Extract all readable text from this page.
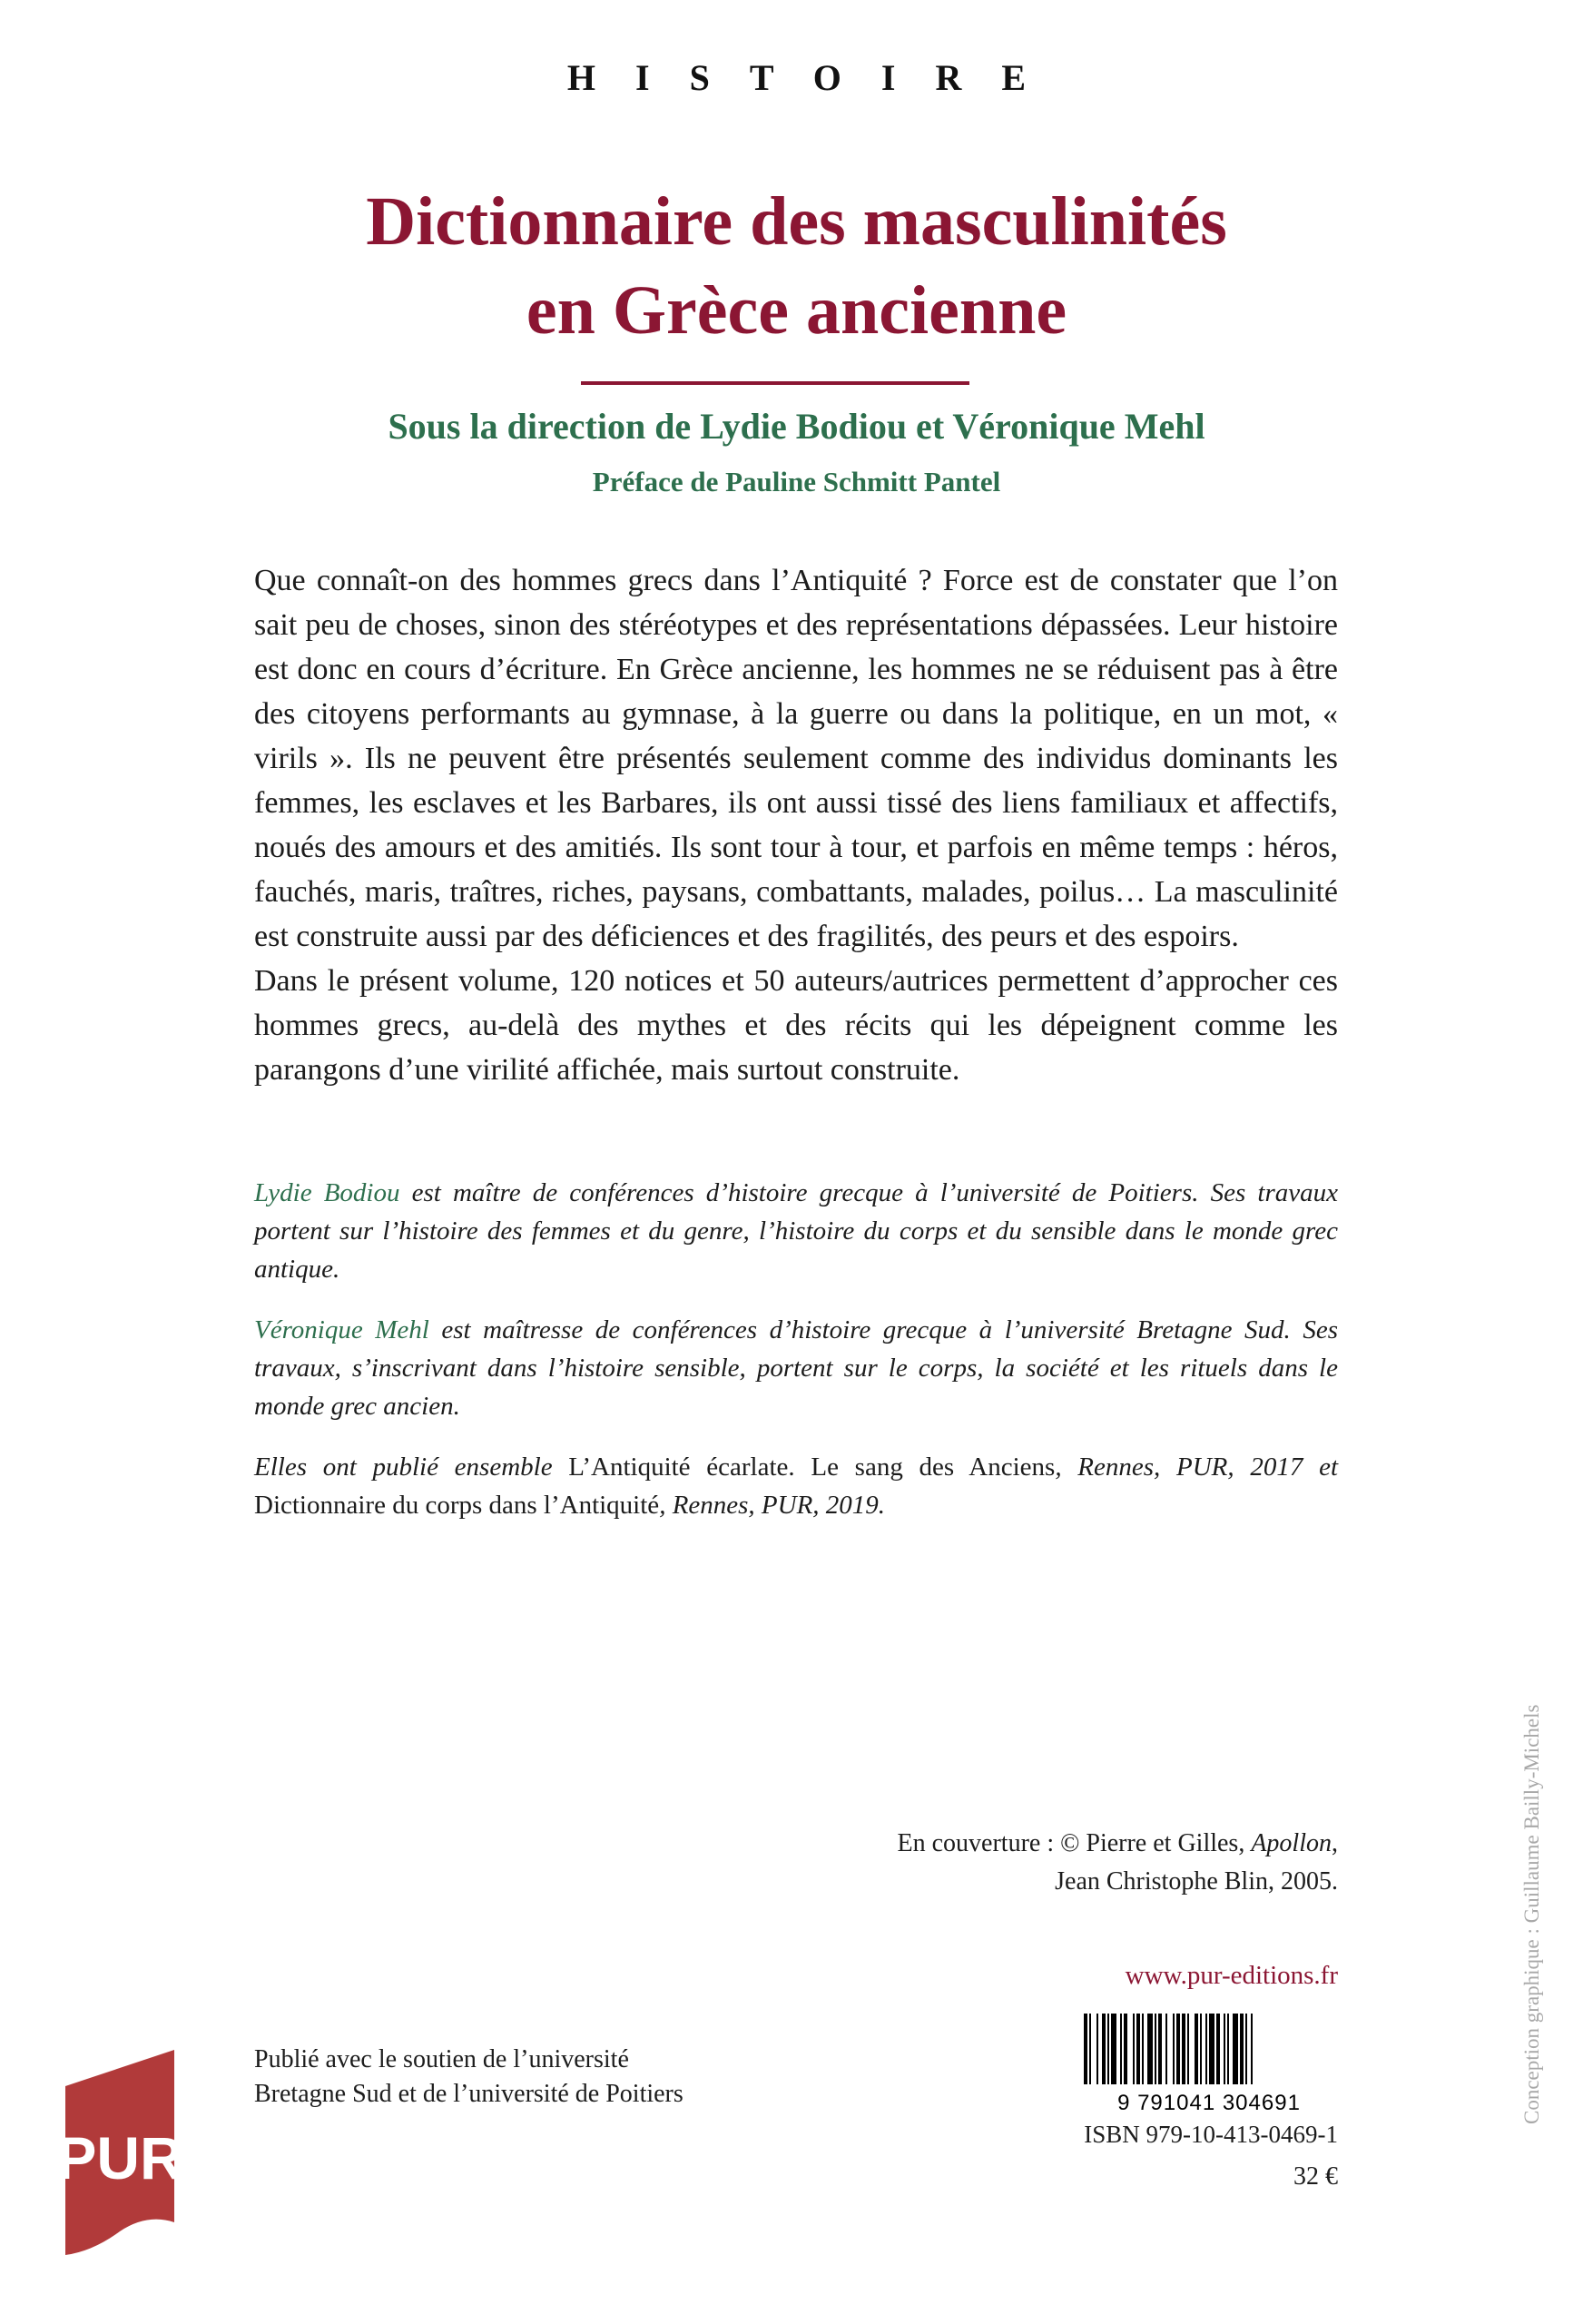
HISTOIRE
Dictionnaire des masculinités
en Grèce ancienne
Sous la direction de Lydie Bodiou et Véronique Mehl
Préface de Pauline Schmitt Pantel

Que connaît-on des hommes grecs dans l’Antiquité ? Force est de constater que l’on sait peu de choses, sinon des stéréotypes et des représentations dépassées. Leur histoire est donc en cours d’écriture. En Grèce ancienne, les hommes ne se réduisent pas à être des citoyens performants au gymnase, à la guerre ou dans la politique, en un mot, « virils ». Ils ne peuvent être présentés seulement comme des individus dominants les femmes, les esclaves et les Barbares, ils ont aussi tissé des liens familiaux et affectifs, noués des amours et des amitiés. Ils sont tour à tour, et parfois en même temps : héros, fauchés, maris, traîtres, riches, paysans, combattants, malades, poilus… La masculinité est construite aussi par des déficiences et des fragilités, des peurs et des espoirs.

Dans le présent volume, 120 notices et 50 auteurs/autrices permettent d’approcher ces hommes grecs, au-delà des mythes et des récits qui les dépeignent comme les parangons d’une virilité affichée, mais surtout construite.

Lydie Bodiou est maître de conférences d’histoire grecque à l’université de Poitiers. Ses travaux portent sur l’histoire des femmes et du genre, l’histoire du corps et du sensible dans le monde grec antique.
Véronique Mehl est maîtresse de conférences d’histoire grecque à l’université Bretagne Sud. Ses travaux, s’inscrivant dans l’histoire sensible, portent sur le corps, la société et les rituels dans le monde grec ancien.
Elles ont publié ensemble L’Antiquité écarlate. Le sang des Anciens, Rennes, PUR, 2017 et Dictionnaire du corps dans l’Antiquité, Rennes, PUR, 2019.
En couverture : © Pierre et Gilles, Apollon,
Jean Christophe Blin, 2005.
www.pur-editions.fr
Publié avec le soutien de l’université
Bretagne Sud et de l’université de Poitiers	9 791041 304691
ISBN 979-10-413-0469-1
32 €
PUR
Conception graphique : Guillaume Bailly-Michels
